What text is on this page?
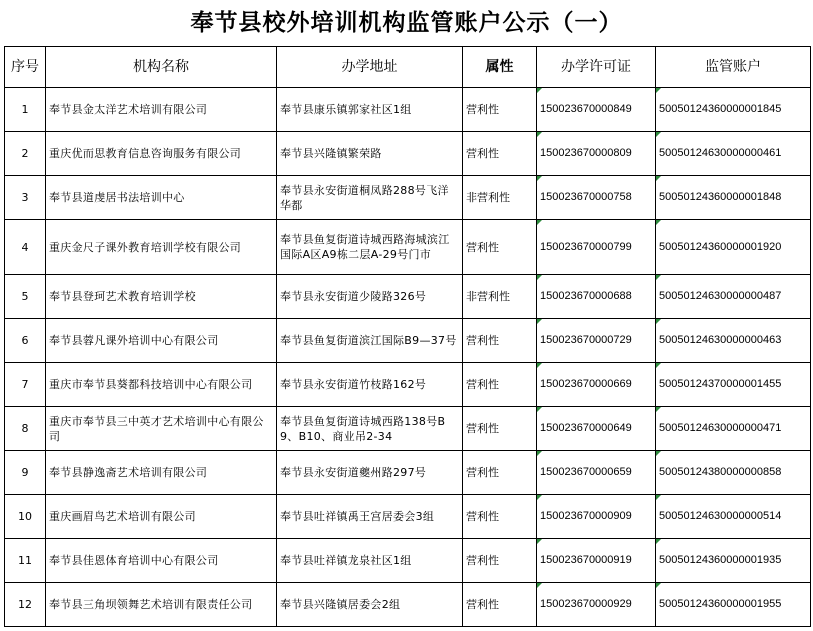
奉节县校外培训机构监管账户公示（一）
序号	机构名称	办学地址	属性	办学许可证	监管账户
1	奉节县金太洋艺术培训有限公司	奉节县康乐镇郭家社区1组	营利性	150023670000849	50050124360000001845
2	重庆优而思教育信息咨询服务有限公司	奉节县兴隆镇繁荣路	营利性	150023670000809	50050124630000000461
3	奉节县道虔居书法培训中心	奉节县永安街道桐凤路288号飞洋华都	非营利性	150023670000758	50050124360000001848
4	重庆金尺子课外教育培训学校有限公司	奉节县鱼复街道诗城西路海城滨江国际A区A9栋二层A-29号门市	营利性	150023670000799	50050124360000001920
5	奉节县登珂艺术教育培训学校	奉节县永安街道少陵路326号	非营利性	150023670000688	50050124630000000487
6	奉节县蓉凡课外培训中心有限公司	奉节县鱼复街道滨江国际B9—37号	营利性	150023670000729	50050124630000000463
7	重庆市奉节县葵都科技培训中心有限公司	奉节县永安街道竹枝路162号	营利性	150023670000669	50050124370000001455
8	重庆市奉节县三中英才艺术培训中心有限公司	奉节县鱼复街道诗城西路138号B9、B10、商业吊2-34	营利性	150023670000649	50050124630000000471
9	奉节县静逸斋艺术培训有限公司	奉节县永安街道夔州路297号	营利性	150023670000659	50050124380000000858
10	重庆画眉鸟艺术培训有限公司	奉节县吐祥镇禹王宫居委会3组	营利性	150023670000909	50050124630000000514
11	奉节县佳恩体育培训中心有限公司	奉节县吐祥镇龙泉社区1组	营利性	150023670000919	50050124360000001935
12	奉节县三角坝领舞艺术培训有限责任公司	奉节县兴隆镇居委会2组	营利性	150023670000929	50050124360000001955
